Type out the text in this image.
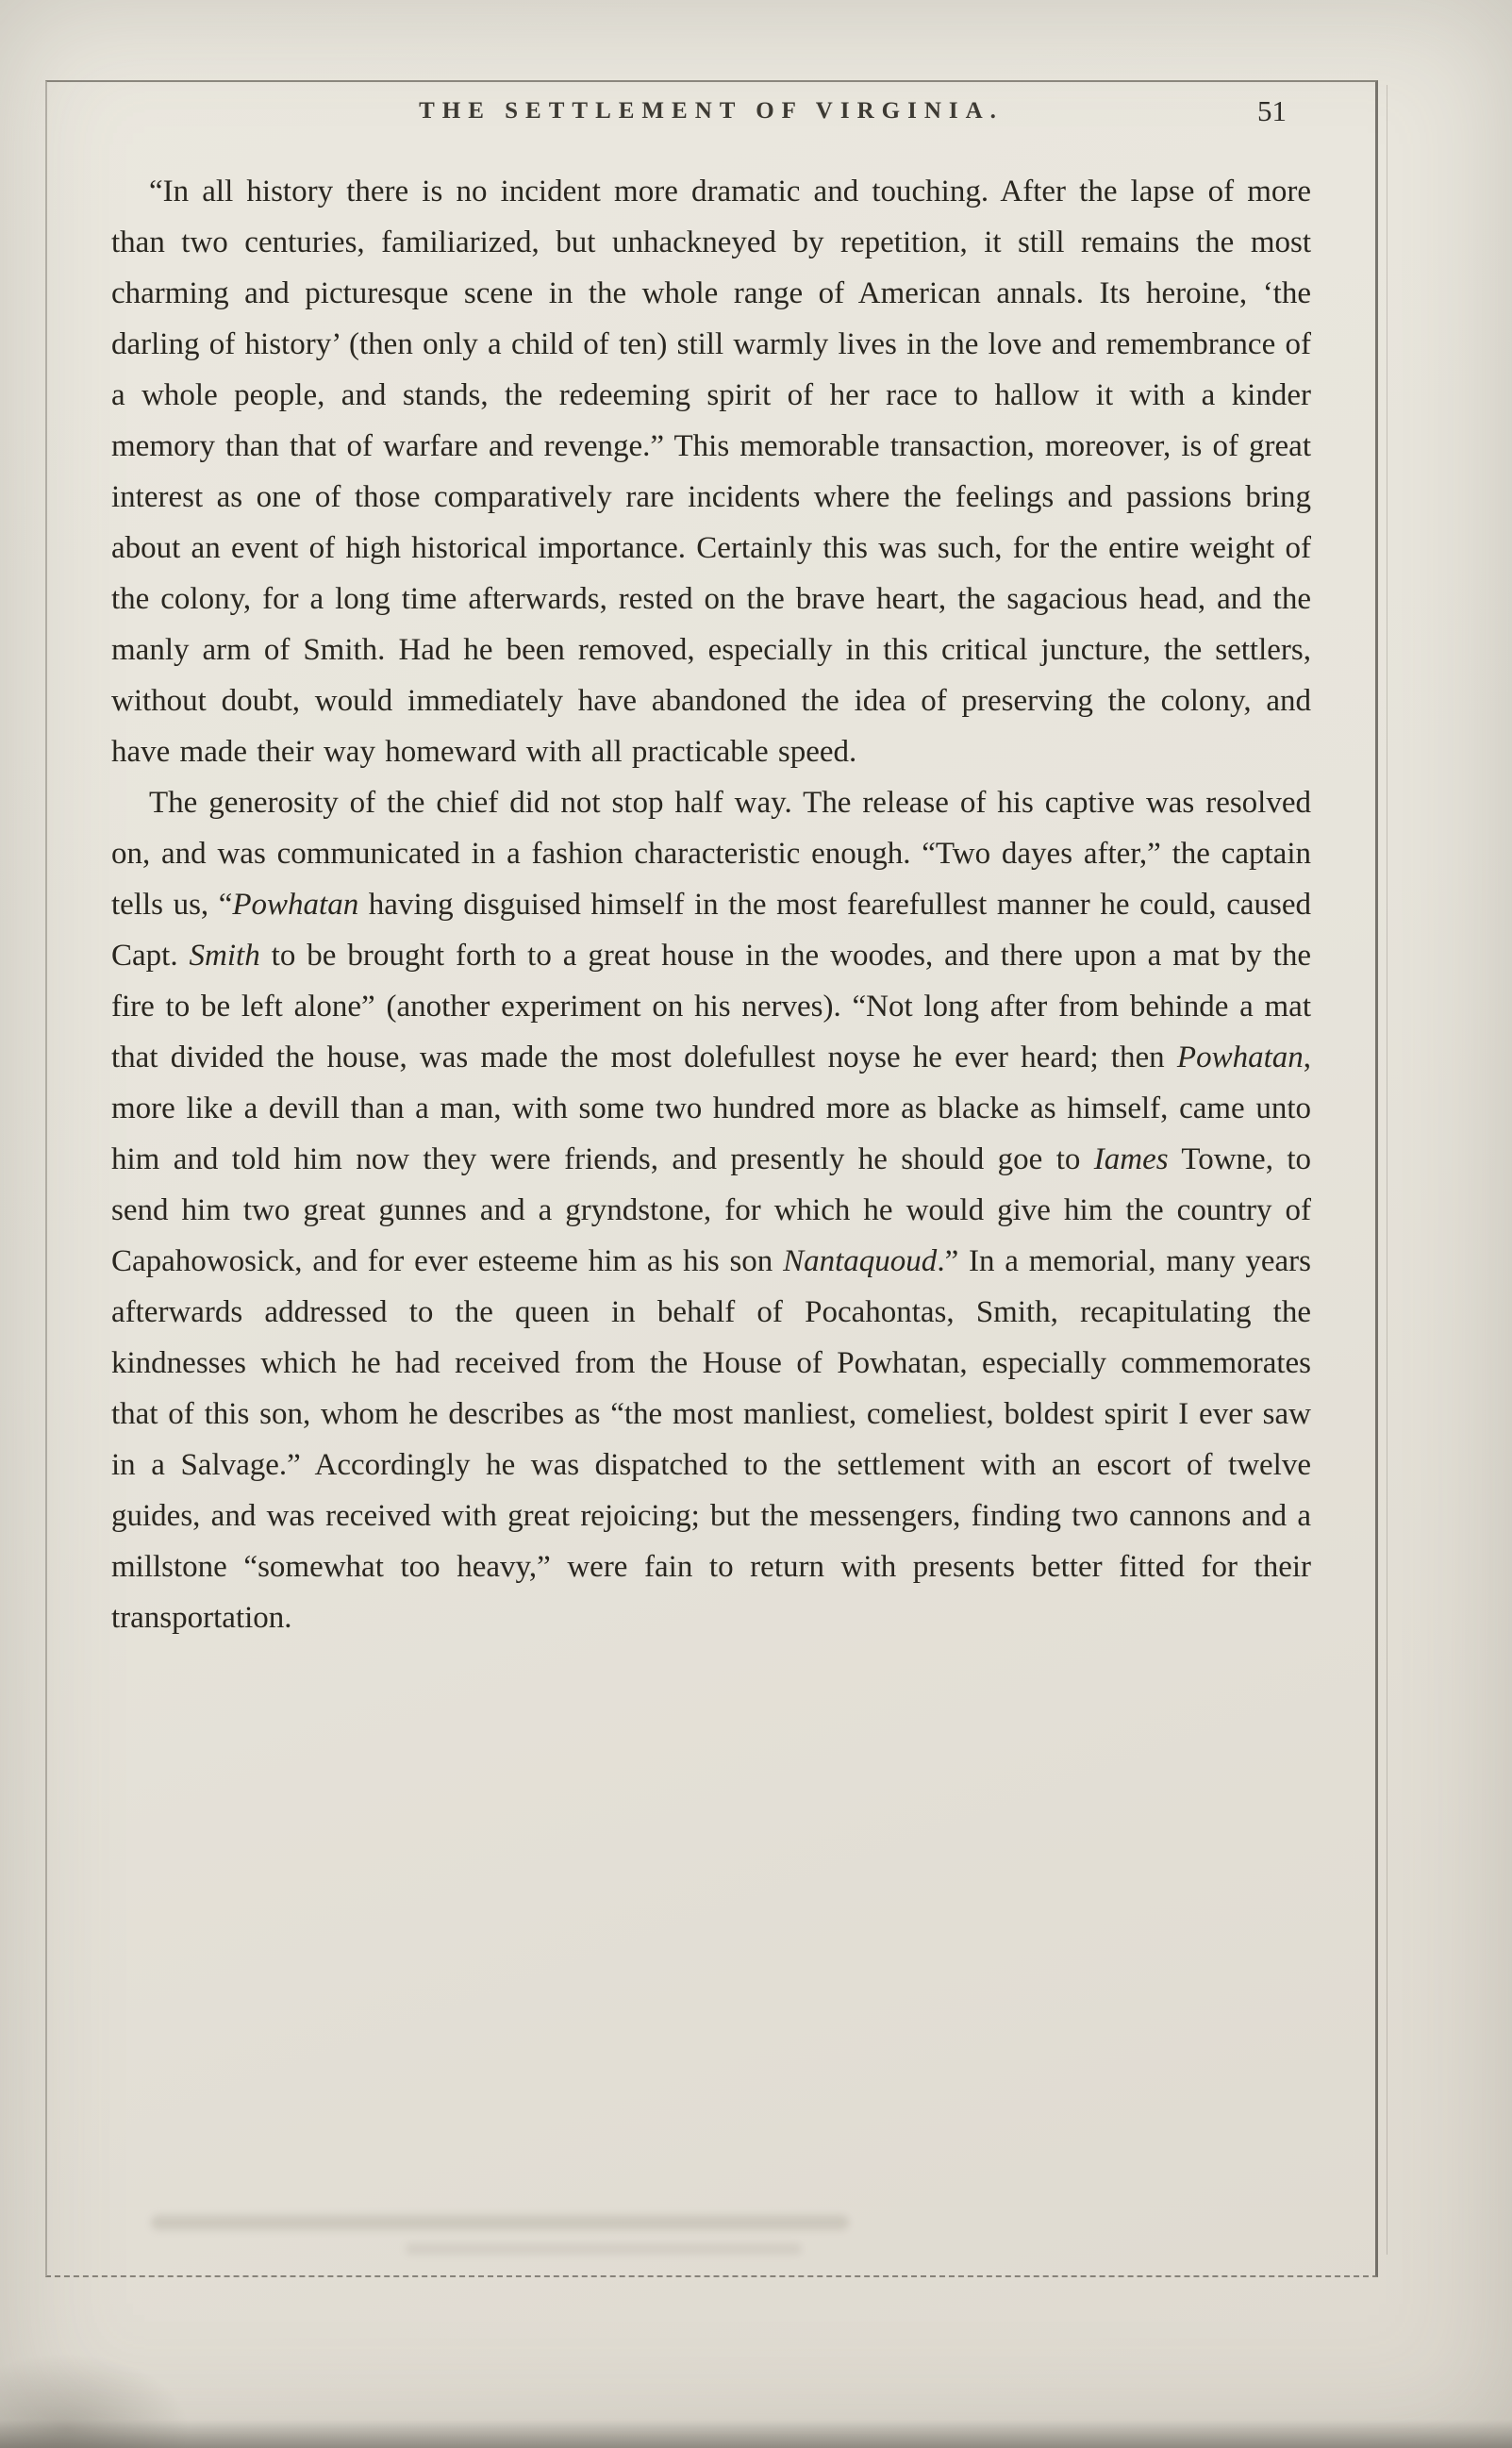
THE SETTLEMENT OF VIRGINIA.	51

“In all history there is no incident more dramatic and touching. After the lapse of more than two centuries, familiarized, but unhackneyed by repetition, it still remains the most charming and picturesque scene in the whole range of American annals. Its heroine, ‘the darling of history’ (then only a child of ten) still warmly lives in the love and remembrance of a whole people, and stands, the redeeming spirit of her race to hallow it with a kinder memory than that of warfare and revenge.” This memorable transaction, moreover, is of great interest as one of those comparatively rare incidents where the feelings and passions bring about an event of high historical importance. Certainly this was such, for the entire weight of the colony, for a long time afterwards, rested on the brave heart, the sagacious head, and the manly arm of Smith. Had he been removed, especially in this critical juncture, the settlers, without doubt, would immediately have abandoned the idea of preserving the colony, and have made their way homeward with all practicable speed.

The generosity of the chief did not stop half way. The release of his captive was resolved on, and was communicated in a fashion characteristic enough. “Two dayes after,” the captain tells us, “Powhatan having disguised himself in the most fearefullest manner he could, caused Capt. Smith to be brought forth to a great house in the woodes, and there upon a mat by the fire to be left alone” (another experiment on his nerves). “Not long after from behinde a mat that divided the house, was made the most dolefullest noyse he ever heard; then Powhatan, more like a devill than a man, with some two hundred more as blacke as himself, came unto him and told him now they were friends, and presently he should goe to Iames Towne, to send him two great gunnes and a gryndstone, for which he would give him the country of Capahowosick, and for ever esteeme him as his son Nantaquoud.” In a memorial, many years afterwards addressed to the queen in behalf of Pocahontas, Smith, recapitulating the kindnesses which he had received from the House of Powhatan, especially commemorates that of this son, whom he describes as “the most manliest, comeliest, boldest spirit I ever saw in a Salvage.” Accordingly he was dispatched to the settlement with an escort of twelve guides, and was received with great rejoicing; but the messengers, finding two cannons and a millstone “somewhat too heavy,” were fain to return with presents better fitted for their transportation.
